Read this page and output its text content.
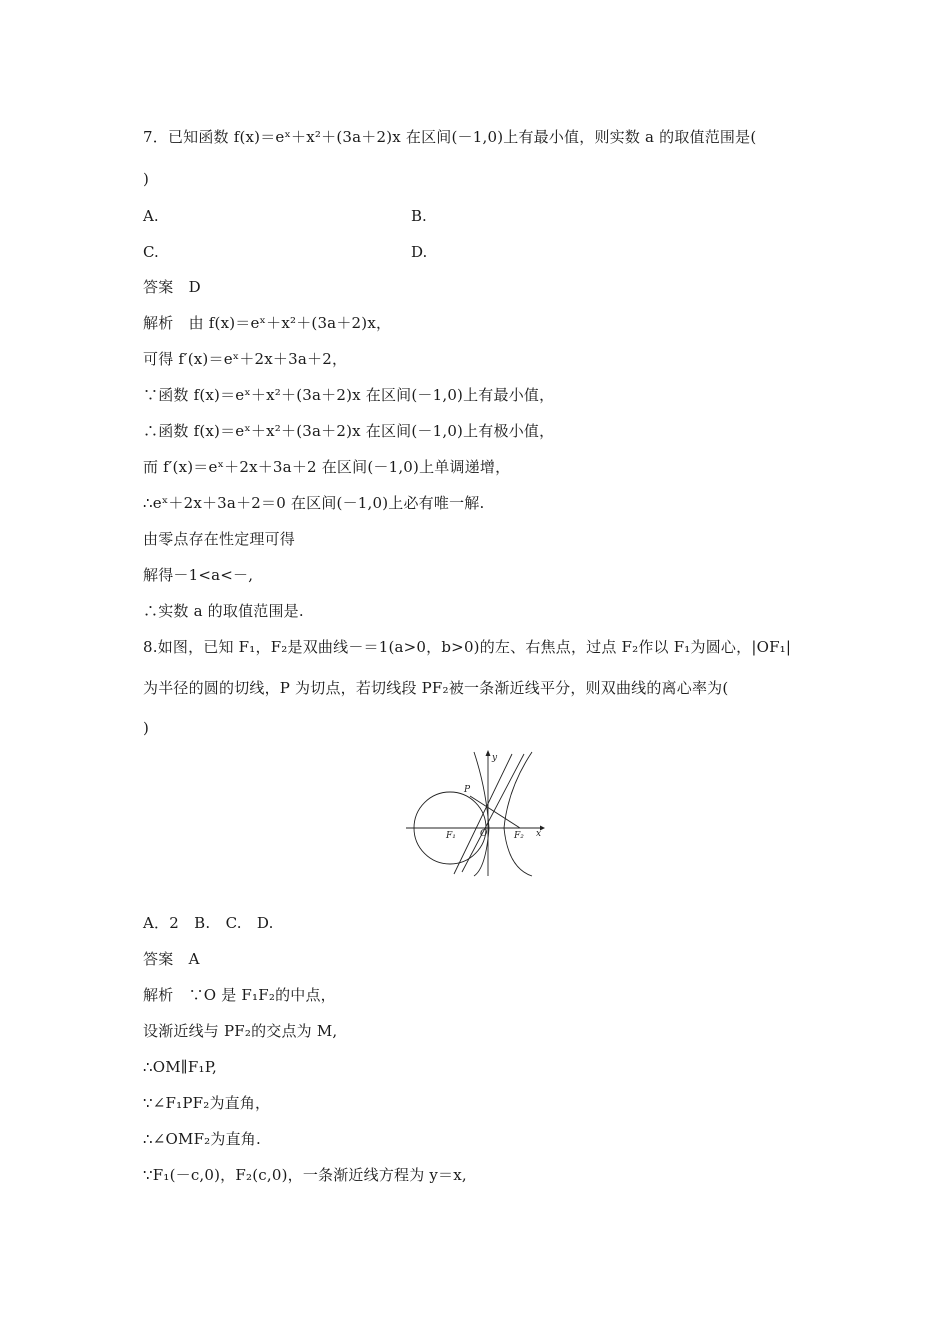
7．已知函数 f(x)＝eˣ＋x²＋(3a＋2)x 在区间(－1,0)上有最小值，则实数 a 的取值范围是(
)
A.	B.
C.	D.
答案　D
解析　由 f(x)＝eˣ＋x²＋(3a＋2)x，
可得 f′(x)＝eˣ＋2x＋3a＋2，
∵函数 f(x)＝eˣ＋x²＋(3a＋2)x 在区间(－1,0)上有最小值，
∴函数 f(x)＝eˣ＋x²＋(3a＋2)x 在区间(－1,0)上有极小值，
而 f′(x)＝eˣ＋2x＋3a＋2 在区间(－1,0)上单调递增，
∴eˣ＋2x＋3a＋2＝0 在区间(－1,0)上必有唯一解.
由零点存在性定理可得
解得－1<a<－,
∴实数 a 的取值范围是.
8.如图，已知 F₁，F₂是双曲线－＝1(a>0，b>0)的左、右焦点，过点 F₂作以 F₁为圆心，|OF₁|
为半径的圆的切线，P 为切点，若切线段 PF₂被一条渐近线平分，则双曲线的离心率为(
)
y
x
P
F₁	O	F₂
A．2　B.　C.　D.
答案　A
解析　∵O 是 F₁F₂的中点，
设渐近线与 PF₂的交点为 M,
∴OM∥F₁P,
∵∠F₁PF₂为直角，
∴∠OMF₂为直角.
∵F₁(－c,0)，F₂(c,0)，一条渐近线方程为 y＝x,
